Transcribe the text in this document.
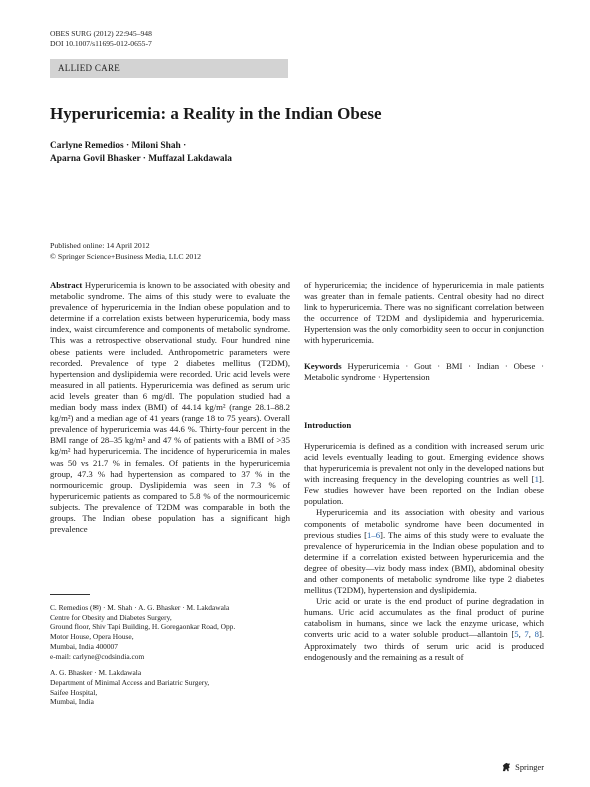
OBES SURG (2012) 22:945–948
DOI 10.1007/s11695-012-0655-7
ALLIED CARE
Hyperuricemia: a Reality in the Indian Obese
Carlyne Remedios · Miloni Shah ·
Aparna Govil Bhasker · Muffazal Lakdawala
Published online: 14 April 2012
© Springer Science+Business Media, LLC 2012

Abstract Hyperuricemia is known to be associated with obesity and metabolic syndrome. The aims of this study were to evaluate the prevalence of hyperuricemia in the Indian obese population and to determine if a correlation exists between hyperuricemia, body mass index, waist circumference and components of metabolic syndrome. This was a retrospective observational study. Four hundred nine obese patients were included. Anthropometric parameters were recorded. Prevalence of type 2 diabetes mellitus (T2DM), hypertension and dyslipidemia were recorded. Uric acid levels were measured in all patients. Hyperuricemia was defined as serum uric acid levels greater than 6 mg/dl. The population studied had a median body mass index (BMI) of 44.14 kg/m² (range 28.1–88.2 kg/m²) and a median age of 41 years (range 18 to 75 years). Overall prevalence of hyperuricemia was 44.6 %. Thirty-four percent in the BMI range of 28–35 kg/m² and 47 % of patients with a BMI of >35 kg/m² had hyperuricemia. The incidence of hyperuricemia in males was 50 vs 21.7 % in females. Of patients in the hyperuricemia group, 47.3 % had hypertension as compared to 37 % in the normouricemic group. Dyslipidemia was seen in 7.3 % of hyperuricemic patients as compared to 5.8 % of the normouricemic subjects. The prevalence of T2DM was comparable in both the groups. The Indian obese population has a significant high prevalence

of hyperuricemia; the incidence of hyperuricemia in male patients was greater than in female patients. Central obesity had no direct link to hyperuricemia. There was no significant correlation between the occurrence of T2DM and dyslipidemia and hyperuricemia. Hypertension was the only comorbidity seen to occur in conjunction with hyperuricemia.

Keywords Hyperuricemia · Gout · BMI · Indian · Obese · Metabolic syndrome · Hypertension

Introduction

Hyperuricemia is defined as a condition with increased serum uric acid levels eventually leading to gout. Emerging evidence shows that hyperuricemia is prevalent not only in the developed nations but with increasing frequency in the developing countries as well [1]. Few studies however have been reported on the Indian obese population.

Hyperuricemia and its association with obesity and various components of metabolic syndrome have been documented in previous studies [1–6]. The aims of this study were to evaluate the prevalence of hyperuricemia in the Indian obese population and to determine if a correlation existed between hyperuricemia and the degree of obesity—viz body mass index (BMI), abdominal obesity and other components of metabolic syndrome like type 2 diabetes mellitus (T2DM), hypertension and dyslipidemia.

Uric acid or urate is the end product of purine degradation in humans. Uric acid accumulates as the final product of purine catabolism in humans, since we lack the enzyme uricase, which converts uric acid to a water soluble product—allantoin [5, 7, 8]. Approximately two thirds of serum uric acid is produced endogenously and the remaining as a result of

C. Remedios (✉) · M. Shah · A. G. Bhasker · M. Lakdawala
Centre for Obesity and Diabetes Surgery,
Ground floor, Shiv Tapi Building, H. Goregaonkar Road, Opp.
Motor House, Opera House,
Mumbai, India 400007
e-mail: carlyne@codsindia.com

A. G. Bhasker · M. Lakdawala
Department of Minimal Access and Bariatric Surgery,
Saifee Hospital,
Mumbai, India

Springer
